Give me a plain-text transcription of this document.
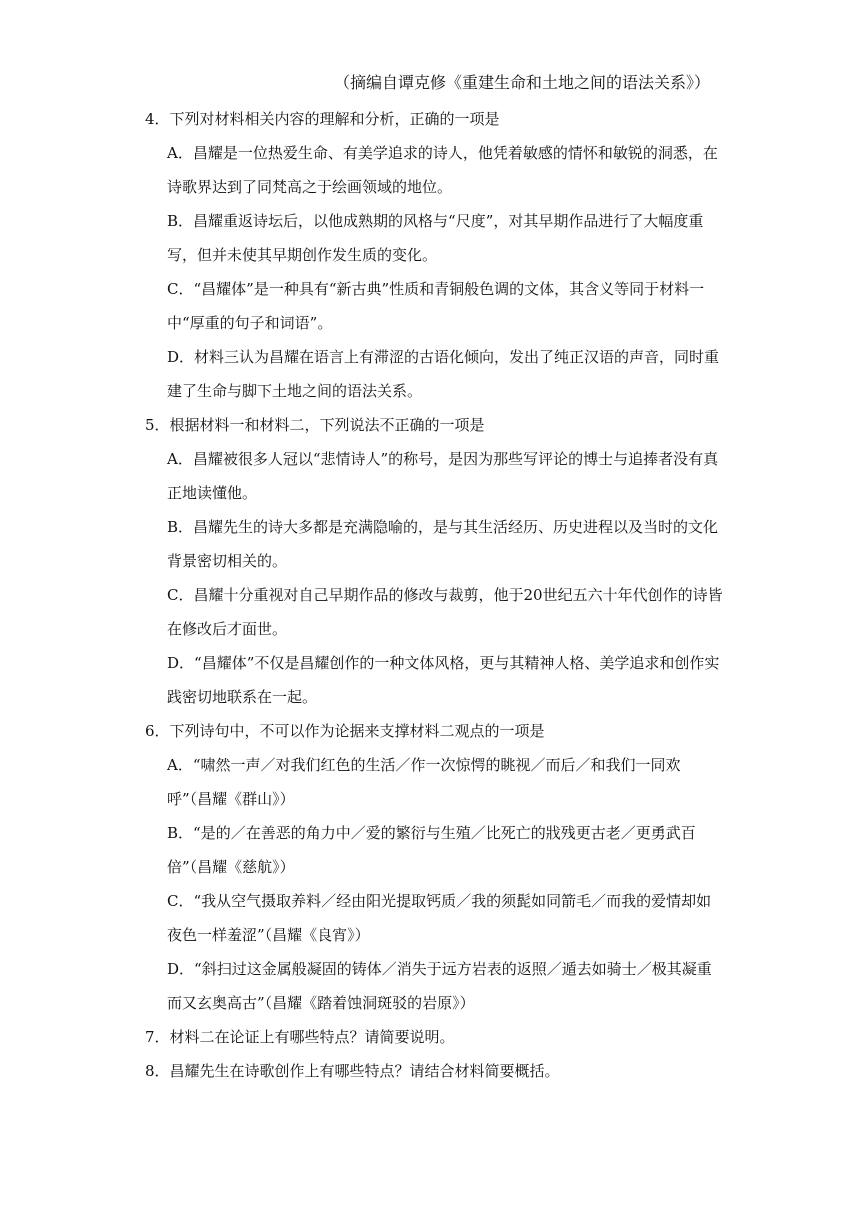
（摘编自谭克修《重建生命和土地之间的语法关系》）

4．下列对材料相关内容的理解和分析，正确的一项是

A．昌耀是一位热爱生命、有美学追求的诗人，他凭着敏感的情怀和敏锐的洞悉，在诗歌界达到了同梵高之于绘画领域的地位。

B．昌耀重返诗坛后，以他成熟期的风格与“尺度”，对其早期作品进行了大幅度重写，但并未使其早期创作发生质的变化。

C．“昌耀体”是一种具有“新古典”性质和青铜般色调的文体，其含义等同于材料一中“厚重的句子和词语”。

D．材料三认为昌耀在语言上有滞涩的古语化倾向，发出了纯正汉语的声音，同时重建了生命与脚下土地之间的语法关系。

5．根据材料一和材料二，下列说法不正确的一项是

A．昌耀被很多人冠以“悲情诗人”的称号，是因为那些写评论的博士与追捧者没有真正地读懂他。

B．昌耀先生的诗大多都是充满隐喻的，是与其生活经历、历史进程以及当时的文化背景密切相关的。

C．昌耀十分重视对自己早期作品的修改与裁剪，他于20世纪五六十年代创作的诗皆在修改后才面世。

D．“昌耀体”不仅是昌耀创作的一种文体风格，更与其精神人格、美学追求和创作实践密切地联系在一起。

6．下列诗句中，不可以作为论据来支撑材料二观点的一项是

A．“啸然一声／对我们红色的生活／作一次惊愕的眺视／而后／和我们一同欢呼”（昌耀《群山》）

B．“是的／在善恶的角力中／爱的繁衍与生殖／比死亡的戕残更古老／更勇武百倍”（昌耀《慈航》）

C．“我从空气摄取养料／经由阳光提取钙质／我的须髭如同箭毛／而我的爱情却如夜色一样羞涩”（昌耀《良宵》）

D．“斜扫过这金属般凝固的铸体／消失于远方岩表的返照／遁去如骑士／极其凝重而又玄奥高古”（昌耀《踏着蚀洞斑驳的岩原》）

7．材料二在论证上有哪些特点？请简要说明。

8．昌耀先生在诗歌创作上有哪些特点？请结合材料简要概括。
